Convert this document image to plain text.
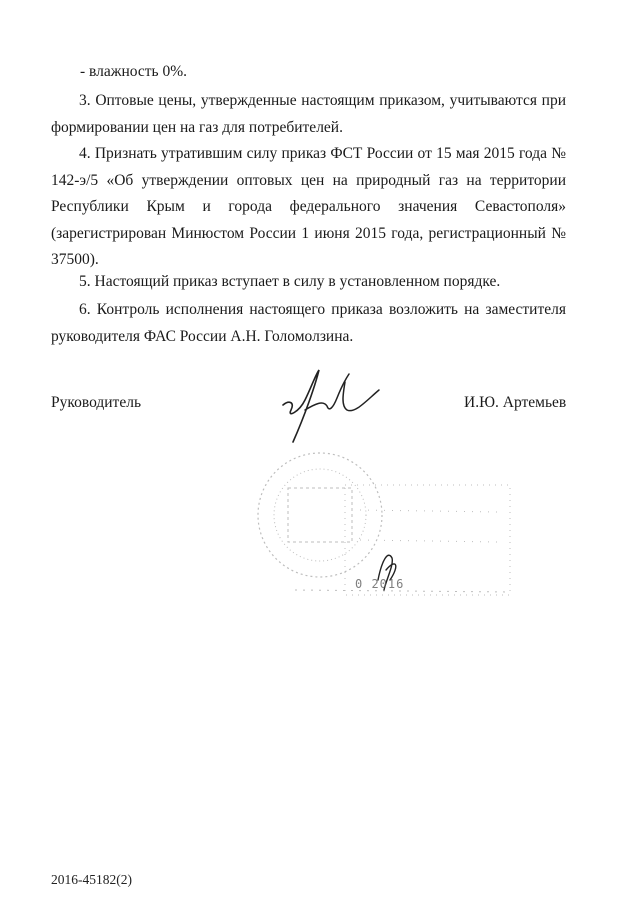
- влажность 0%.

3. Оптовые цены, утвержденные настоящим приказом, учитываются при формировании цен на газ для потребителей.

4. Признать утратившим силу приказ ФСТ России от 15 мая 2015 года № 142-э/5 «Об утверждении оптовых цен на природный газ на территории Республики Крым и города федерального значения Севастополя» (зарегистрирован Минюстом России 1 июня 2015 года, регистрационный № 37500).

5. Настоящий приказ вступает в силу в установленном порядке.

6. Контроль исполнения настоящего приказа возложить на заместителя руководителя ФАС России А.Н. Голомолзина.

Руководитель	И.Ю. Артемьев

0 2016

2016-45182(2)
